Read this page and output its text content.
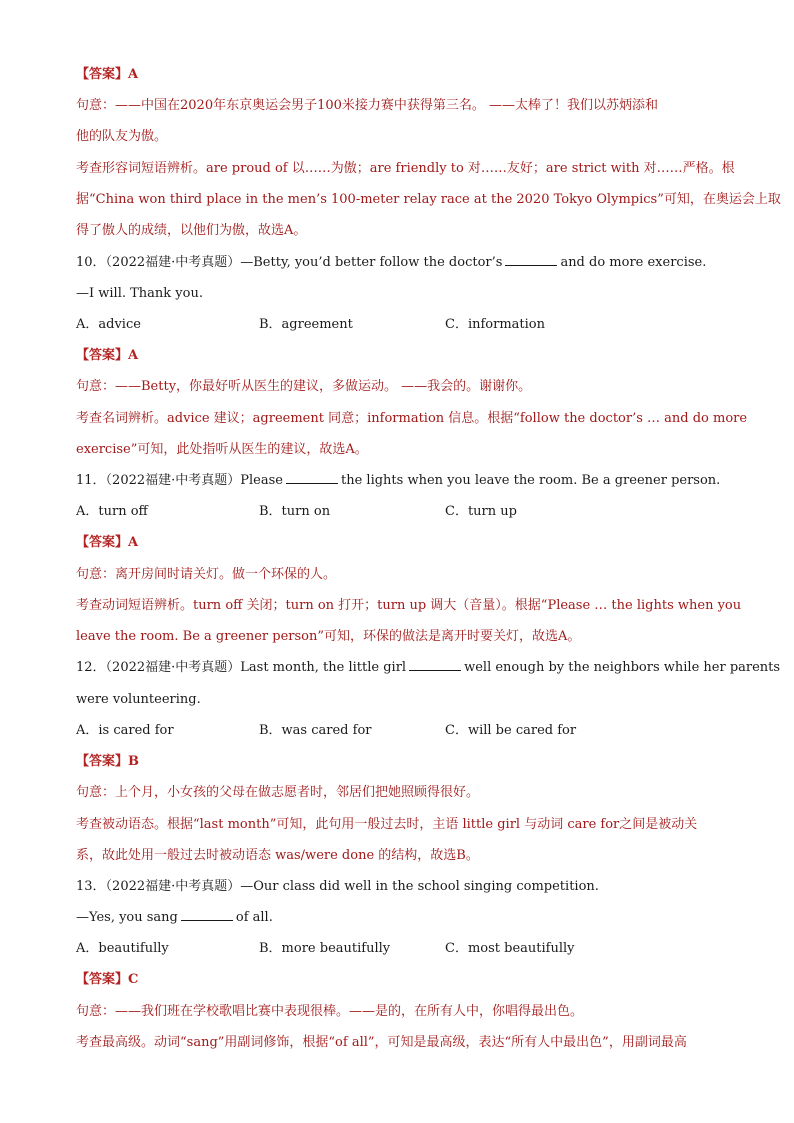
【答案】A
句意：——中国在2020年东京奥运会男子100米接力赛中获得第三名。 ——太棒了！我们以苏炳添和
他的队友为傲。
考查形容词短语辨析。are proud of 以……为傲；are friendly to 对……友好；are strict with 对……严格。根
据“China won third place in the men’s 100-meter relay race at the 2020 Tokyo Olympics”可知，在奥运会上取
得了傲人的成绩，以他们为傲，故选A。
10．（2022福建·中考真题）—Betty, you’d better follow the doctor’s	and do more exercise.
—I will. Thank you.
A．advice	B．agreement	C．information
【答案】A
句意：——Betty，你最好听从医生的建议，多做运动。 ——我会的。谢谢你。
考查名词辨析。advice 建议；agreement 同意；information 信息。根据“follow the doctor’s … and do more
exercise”可知，此处指听从医生的建议，故选A。
11．（2022福建·中考真题）Please	the lights when you leave the room. Be a greener person.
A．turn off	B．turn on	C．turn up
【答案】A
句意：离开房间时请关灯。做一个环保的人。
考查动词短语辨析。turn off 关闭；turn on 打开；turn up 调大（音量）。根据“Please … the lights when you
leave the room. Be a greener person”可知，环保的做法是离开时要关灯，故选A。
12．（2022福建·中考真题）Last month, the little girl	well enough by the neighbors while her parents
were volunteering.
A．is cared for	B．was cared for	C．will be cared for
【答案】B
句意：上个月，小女孩的父母在做志愿者时，邻居们把她照顾得很好。
考查被动语态。根据“last month”可知，此句用一般过去时，主语 little girl 与动词 care for之间是被动关
系，故此处用一般过去时被动语态 was/were done 的结构，故选B。
13．（2022福建·中考真题）—Our class did well in the school singing competition.
—Yes, you sang	of all.
A．beautifully	B．more beautifully	C．most beautifully
【答案】C
句意：——我们班在学校歌唱比赛中表现很棒。——是的，在所有人中，你唱得最出色。
考查最高级。动词“sang”用副词修饰，根据“of all”，可知是最高级，表达“所有人中最出色”，用副词最高
